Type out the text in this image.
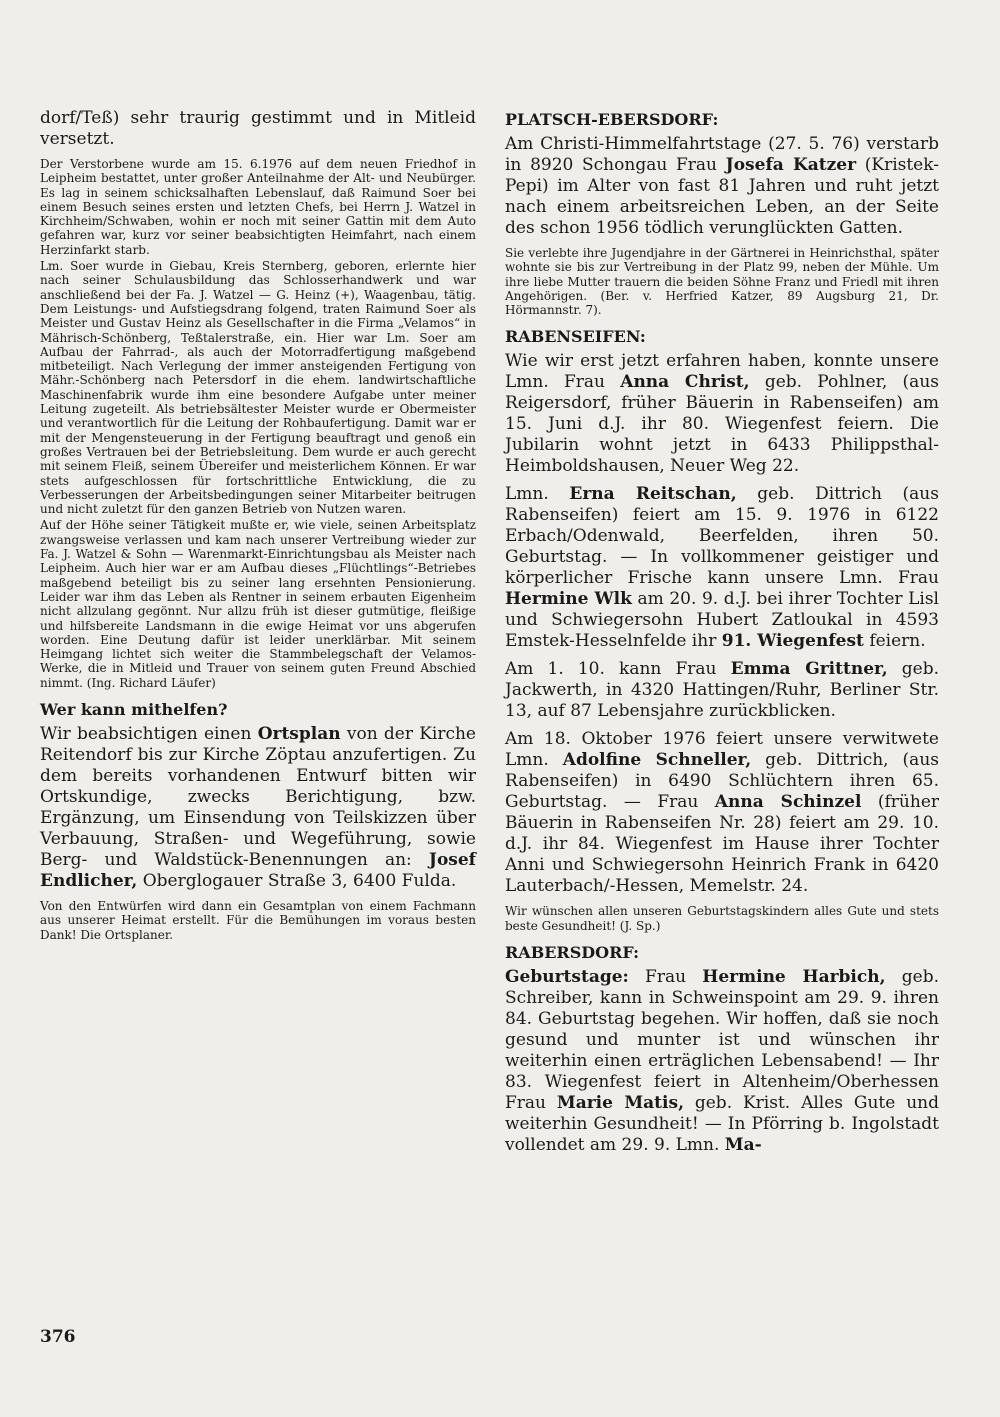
dorf/Teß) sehr traurig gestimmt und in Mitleid versetzt.

Der Verstorbene wurde am 15. 6.1976 auf dem neuen Friedhof in Leipheim bestattet, unter großer Anteilnahme der Alt- und Neubürger. Es lag in seinem schicksalhaften Lebenslauf, daß Raimund Soer bei einem Besuch seines ersten und letzten Chefs, bei Herrn J. Watzel in Kirchheim/Schwaben, wohin er noch mit seiner Gattin mit dem Auto gefahren war, kurz vor seiner beabsichtigten Heimfahrt, nach einem Herzinfarkt starb.

Lm. Soer wurde in Giebau, Kreis Sternberg, geboren, erlernte hier nach seiner Schulausbildung das Schlosserhandwerk und war anschließend bei der Fa. J. Watzel — G. Heinz (+), Waagenbau, tätig. Dem Leistungs- und Aufstiegsdrang folgend, traten Raimund Soer als Meister und Gustav Heinz als Gesellschafter in die Firma „Velamos“ in Mährisch-Schönberg, Teßtalerstraße, ein. Hier war Lm. Soer am Aufbau der Fahrrad-, als auch der Motorradfertigung maßgebend mitbeteiligt. Nach Verlegung der immer ansteigenden Fertigung von Mähr.-Schönberg nach Petersdorf in die ehem. landwirtschaftliche Maschinenfabrik wurde ihm eine besondere Aufgabe unter meiner Leitung zugeteilt. Als betriebsältester Meister wurde er Obermeister und verantwortlich für die Leitung der Rohbaufertigung. Damit war er mit der Mengensteuerung in der Fertigung beauftragt und genoß ein großes Vertrauen bei der Betriebsleitung. Dem wurde er auch gerecht mit seinem Fleiß, seinem Übereifer und meisterlichem Können. Er war stets aufgeschlossen für fortschrittliche Entwicklung, die zu Verbesserungen der Arbeitsbedingungen seiner Mitarbeiter beitrugen und nicht zuletzt für den ganzen Betrieb von Nutzen waren.

Auf der Höhe seiner Tätigkeit mußte er, wie viele, seinen Arbeitsplatz zwangsweise verlassen und kam nach unserer Vertreibung wieder zur Fa. J. Watzel & Sohn — Warenmarkt-Einrichtungsbau als Meister nach Leipheim. Auch hier war er am Aufbau dieses „Flüchtlings“-Betriebes maßgebend beteiligt bis zu seiner lang ersehnten Pensionierung. Leider war ihm das Leben als Rentner in seinem erbauten Eigenheim nicht allzulang gegönnt. Nur allzu früh ist dieser gutmütige, fleißige und hilfsbereite Landsmann in die ewige Heimat vor uns abgerufen worden. Eine Deutung dafür ist leider unerklärbar. Mit seinem Heimgang lichtet sich weiter die Stammbelegschaft der Velamos-Werke, die in Mitleid und Trauer von seinem guten Freund Abschied nimmt. (Ing. Richard Läufer)

Wer kann mithelfen?

Wir beabsichtigen einen Ortsplan von der Kirche Reitendorf bis zur Kirche Zöptau anzufertigen. Zu dem bereits vorhandenen Entwurf bitten wir Ortskundige, zwecks Berichtigung, bzw. Ergänzung, um Einsendung von Teilskizzen über Verbauung, Straßen- und Wegeführung, sowie Berg- und Waldstück-Benennungen an: Josef Endlicher, Oberglogauer Straße 3, 6400 Fulda.

Von den Entwürfen wird dann ein Gesamtplan von einem Fachmann aus unserer Heimat erstellt. Für die Bemühungen im voraus besten Dank! Die Ortsplaner.

PLATSCH-EBERSDORF:

Am Christi-Himmelfahrtstage (27. 5. 76) verstarb in 8920 Schongau Frau Josefa Katzer (Kristek-Pepi) im Alter von fast 81 Jahren und ruht jetzt nach einem arbeitsreichen Leben, an der Seite des schon 1956 tödlich verunglückten Gatten.

Sie verlebte ihre Jugendjahre in der Gärtnerei in Heinrichsthal, später wohnte sie bis zur Vertreibung in der Platz 99, neben der Mühle. Um ihre liebe Mutter trauern die beiden Söhne Franz und Friedl mit ihren Angehörigen. (Ber. v. Herfried Katzer, 89 Augsburg 21, Dr. Hörmannstr. 7).

RABENSEIFEN:

Wie wir erst jetzt erfahren haben, konnte unsere Lmn. Frau Anna Christ, geb. Pohlner, (aus Reigersdorf, früher Bäuerin in Rabenseifen) am 15. Juni d.J. ihr 80. Wiegenfest feiern. Die Jubilarin wohnt jetzt in 6433 Philippsthal-Heimboldshausen, Neuer Weg 22.

Lmn. Erna Reitschan, geb. Dittrich (aus Rabenseifen) feiert am 15. 9. 1976 in 6122 Erbach/Odenwald, Beerfelden, ihren 50. Geburtstag. — In vollkommener geistiger und körperlicher Frische kann unsere Lmn. Frau Hermine Wlk am 20. 9. d.J. bei ihrer Tochter Lisl und Schwiegersohn Hubert Zatloukal in 4593 Emstek-Hesselnfelde ihr 91. Wiegenfest feiern.

Am 1. 10. kann Frau Emma Grittner, geb. Jackwerth, in 4320 Hattingen/Ruhr, Berliner Str. 13, auf 87 Lebensjahre zurückblicken.

Am 18. Oktober 1976 feiert unsere verwitwete Lmn. Adolfine Schneller, geb. Dittrich, (aus Rabenseifen) in 6490 Schlüchtern ihren 65. Geburtstag. — Frau Anna Schinzel (früher Bäuerin in Rabenseifen Nr. 28) feiert am 29. 10. d.J. ihr 84. Wiegenfest im Hause ihrer Tochter Anni und Schwiegersohn Heinrich Frank in 6420 Lauterbach/-Hessen, Memelstr. 24.

Wir wünschen allen unseren Geburtstagskindern alles Gute und stets beste Gesundheit! (J. Sp.)

RABERSDORF:

Geburtstage: Frau Hermine Harbich, geb. Schreiber, kann in Schweinspoint am 29. 9. ihren 84. Geburtstag begehen. Wir hoffen, daß sie noch gesund und munter ist und wünschen ihr weiterhin einen erträglichen Lebensabend! — Ihr 83. Wiegenfest feiert in Altenheim/Oberhessen Frau Marie Matis, geb. Krist. Alles Gute und weiterhin Gesundheit! — In Pförring b. Ingolstadt vollendet am 29. 9. Lmn. Ma-

376
